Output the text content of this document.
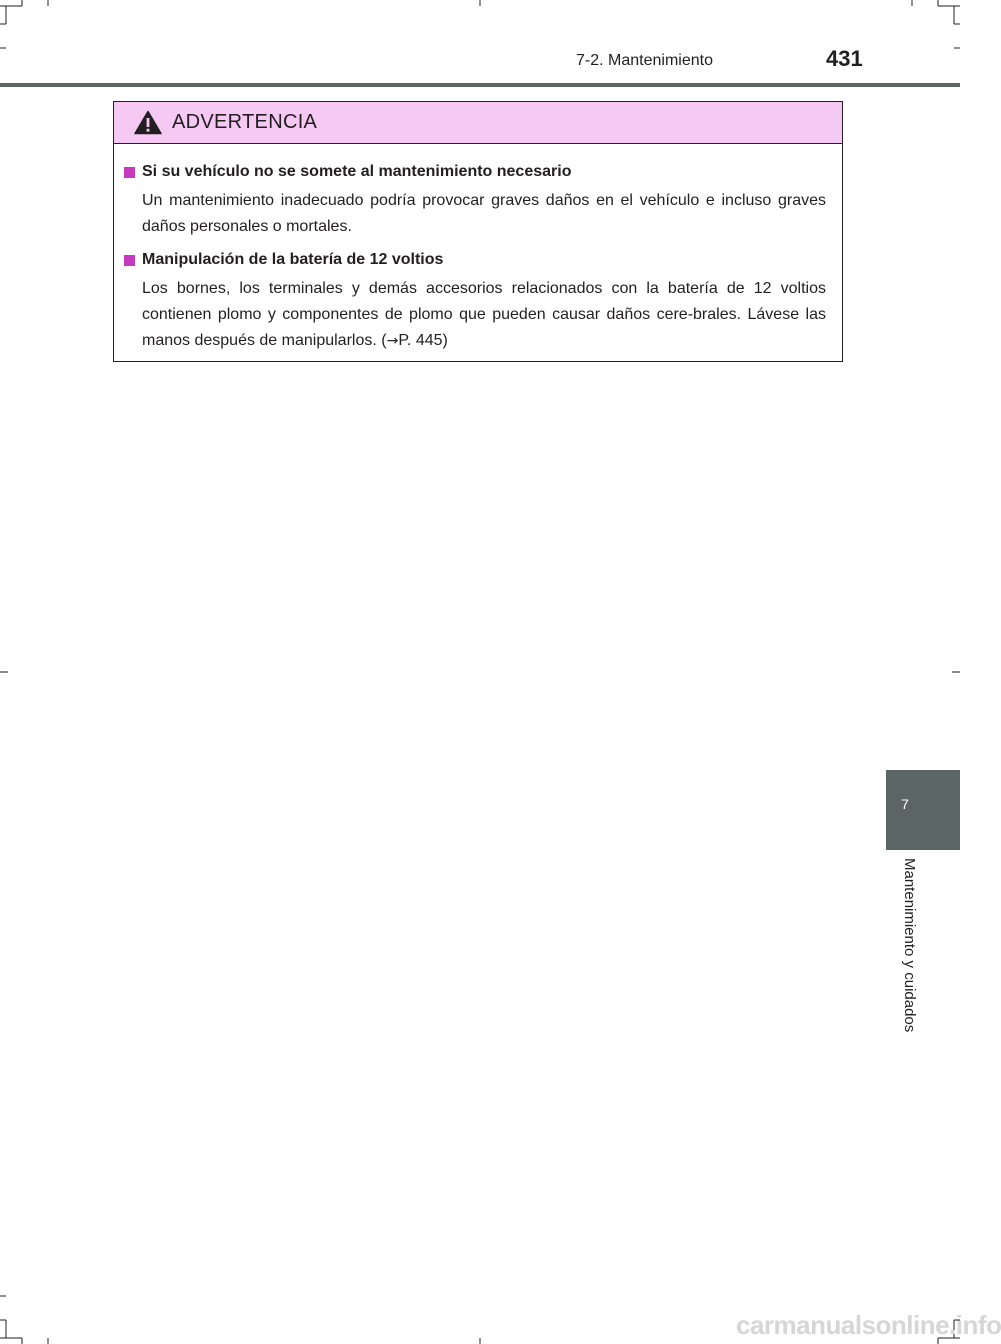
7-2. Mantenimiento	431
ADVERTENCIA
Si su vehículo no se somete al mantenimiento necesario
Un mantenimiento inadecuado podría provocar graves daños en el vehículo e incluso graves daños personales o mortales.
Manipulación de la batería de 12 voltios
Los bornes, los terminales y demás accesorios relacionados con la batería de 12 voltios contienen plomo y componentes de plomo que pueden causar daños cere-brales. Lávese las manos después de manipularlos. (→P. 445)
7
Mantenimiento y cuidados
carmanualsonline.info
